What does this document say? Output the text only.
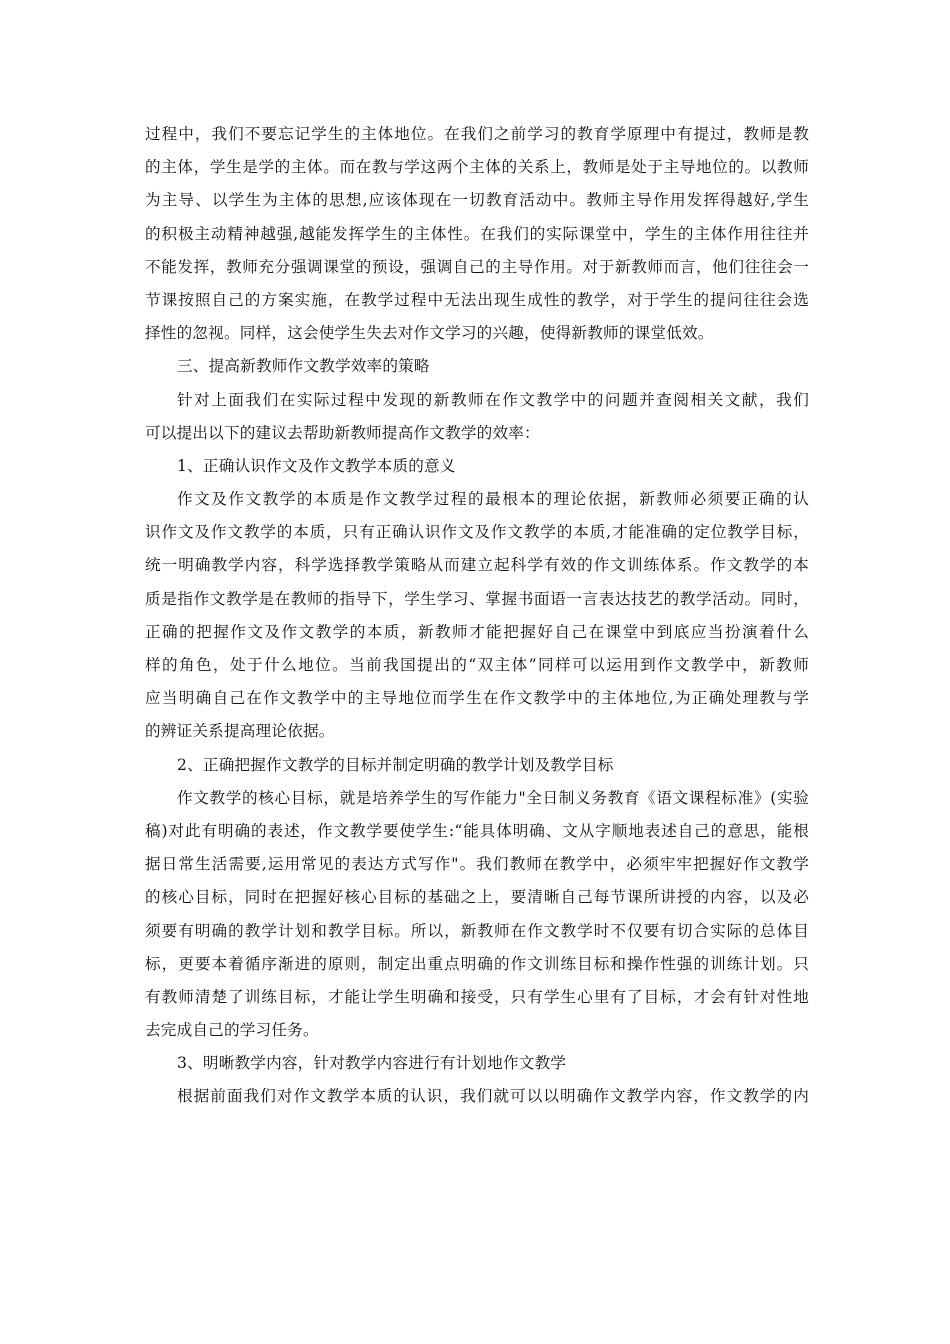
过程中，我们不要忘记学生的主体地位。在我们之前学习的教育学原理中有提过，教师是教
的主体，学生是学的主体。而在教与学这两个主体的关系上，教师是处于主导地位的。以教师
为主导、以学生为主体的思想,应该体现在一切教育活动中。教师主导作用发挥得越好,学生
的积极主动精神越强,越能发挥学生的主体性。在我们的实际课堂中，学生的主体作用往往并
不能发挥，教师充分强调课堂的预设，强调自己的主导作用。对于新教师而言，他们往往会一
节课按照自己的方案实施，在教学过程中无法出现生成性的教学，对于学生的提问往往会选
择性的忽视。同样，这会使学生失去对作文学习的兴趣，使得新教师的课堂低效。
三、提高新教师作文教学效率的策略
针对上面我们在实际过程中发现的新教师在作文教学中的问题并查阅相关文献，我们
可以提出以下的建议去帮助新教师提高作文教学的效率：
1、正确认识作文及作文教学本质的意义
作文及作文教学的本质是作文教学过程的最根本的理论依据，新教师必须要正确的认
识作文及作文教学的本质，只有正确认识作文及作文教学的本质,才能准确的定位教学目标，
统一明确教学内容，科学选择教学策略从而建立起科学有效的作文训练体系。作文教学的本
质是指作文教学是在教师的指导下，学生学习、掌握书面语一言表达技艺的教学活动。同时，
正确的把握作文及作文教学的本质，新教师才能把握好自己在课堂中到底应当扮演着什么
样的角色，处于什么地位。当前我国提出的“双主体”同样可以运用到作文教学中，新教师
应当明确自己在作文教学中的主导地位而学生在作文教学中的主体地位,为正确处理教与学
的辨证关系提高理论依据。
2、正确把握作文教学的目标并制定明确的教学计划及教学目标
作文教学的核心目标，就是培养学生的写作能力"全日制义务教育《语文课程标准》(实验
稿)对此有明确的表述，作文教学要使学生:“能具体明确、文从字顺地表述自己的意思，能根
据日常生活需要,运用常见的表达方式写作"。我们教师在教学中，必须牢牢把握好作文教学
的核心目标，同时在把握好核心目标的基础之上，要清晰自己每节课所讲授的内容，以及必
须要有明确的教学计划和教学目标。所以，新教师在作文教学时不仅要有切合实际的总体目
标，更要本着循序渐进的原则，制定出重点明确的作文训练目标和操作性强的训练计划。只
有教师清楚了训练目标，才能让学生明确和接受，只有学生心里有了目标，才会有针对性地
去完成自己的学习任务。
3、明晰教学内容，针对教学内容进行有计划地作文教学
根据前面我们对作文教学本质的认识，我们就可以以明确作文教学内容，作文教学的内
